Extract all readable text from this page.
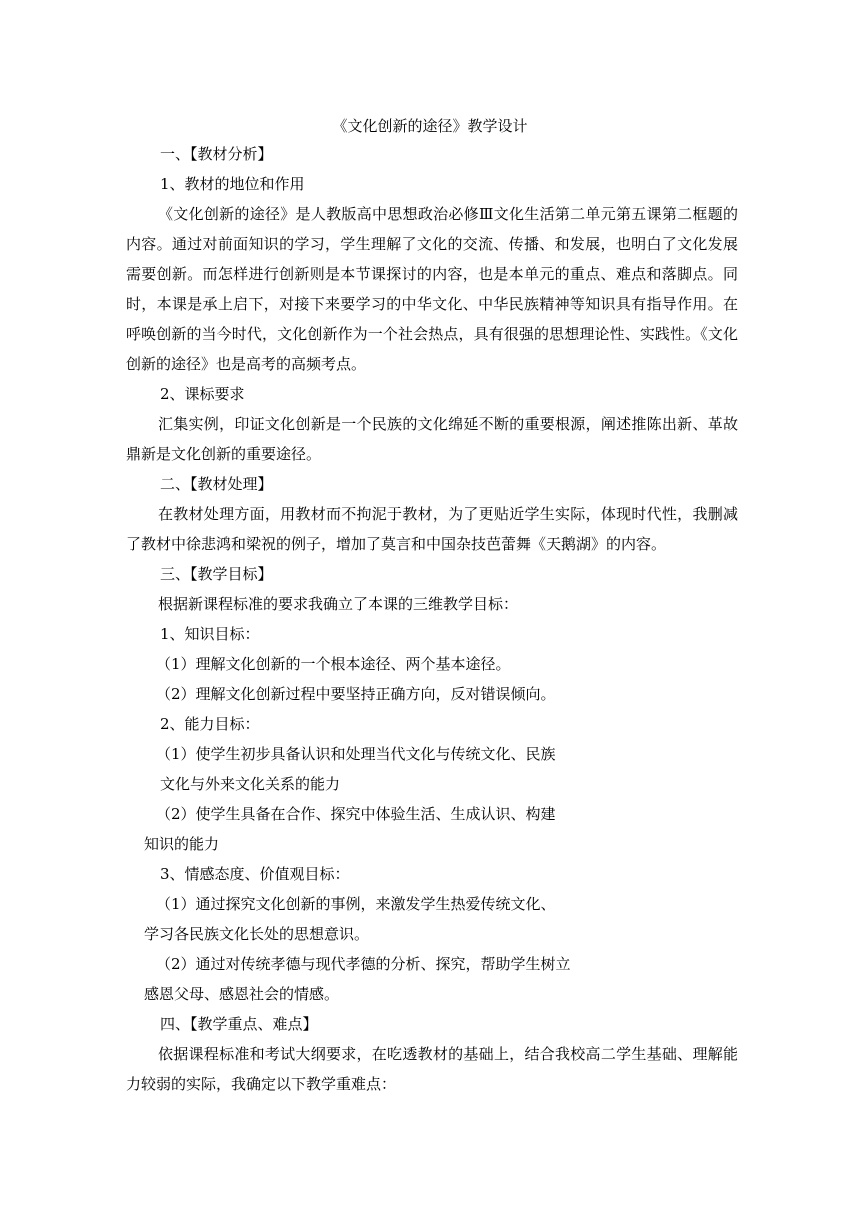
《文化创新的途径》教学设计
一、【教材分析】
1、教材的地位和作用
《文化创新的途径》是人教版高中思想政治必修Ⅲ文化生活第二单元第五课第二框题的内容。通过对前面知识的学习，学生理解了文化的交流、传播、和发展，也明白了文化发展需要创新。而怎样进行创新则是本节课探讨的内容，也是本单元的重点、难点和落脚点。同时，本课是承上启下，对接下来要学习的中华文化、中华民族精神等知识具有指导作用。在呼唤创新的当今时代，文化创新作为一个社会热点，具有很强的思想理论性、实践性。《文化创新的途径》也是高考的高频考点。
2、课标要求
汇集实例，印证文化创新是一个民族的文化绵延不断的重要根源，阐述推陈出新、革故鼎新是文化创新的重要途径。
二、【教材处理】
在教材处理方面，用教材而不拘泥于教材，为了更贴近学生实际，体现时代性，我删减了教材中徐悲鸿和梁祝的例子，增加了莫言和中国杂技芭蕾舞《天鹅湖》的内容。
三、【教学目标】
根据新课程标准的要求我确立了本课的三维教学目标：
1、知识目标：
（1）理解文化创新的一个根本途径、两个基本途径。
（2）理解文化创新过程中要坚持正确方向，反对错误倾向。
2、能力目标：
（1）使学生初步具备认识和处理当代文化与传统文化、民族
文化与外来文化关系的能力
（2）使学生具备在合作、探究中体验生活、生成认识、构建
知识的能力
3、情感态度、价值观目标：
（1）通过探究文化创新的事例，来激发学生热爱传统文化、
学习各民族文化长处的思想意识。
（2）通过对传统孝德与现代孝德的分析、探究，帮助学生树立
感恩父母、感恩社会的情感。
四、【教学重点、难点】
依据课程标准和考试大纲要求，在吃透教材的基础上，结合我校高二学生基础、理解能力较弱的实际，我确定以下教学重难点：
